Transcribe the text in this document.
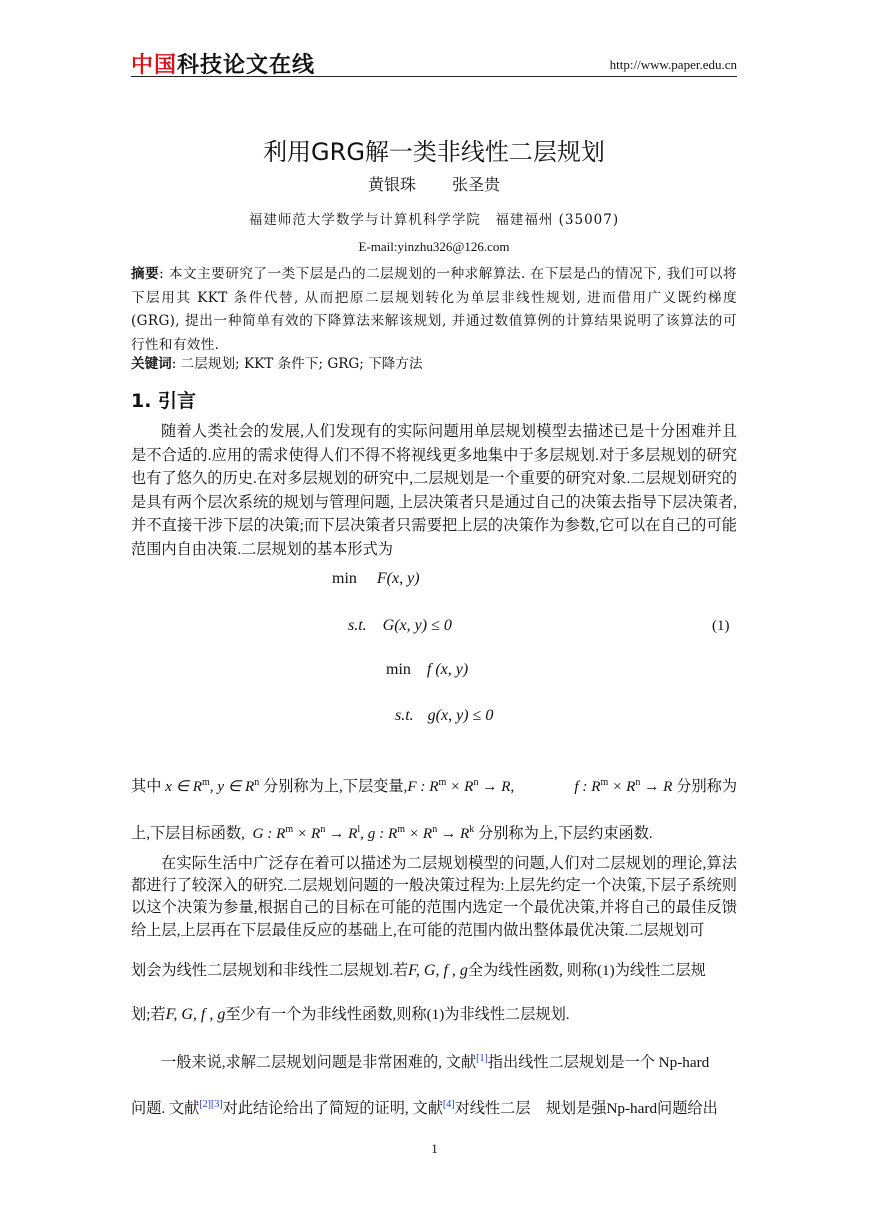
中国科技论文在线	http://www.paper.edu.cn
利用GRG解一类非线性二层规划
黄银珠 张圣贵
福建师范大学数学与计算机科学学院　福建福州 (35007)
E-mail:yinzhu326@126.com
摘要: 本文主要研究了一类下层是凸的二层规划的一种求解算法. 在下层是凸的情况下, 我们可以将下层用其 KKT 条件代替, 从而把原二层规划转化为单层非线性规划, 进而借用广义既约梯度 (GRG), 提出一种简单有效的下降算法来解该规划, 并通过数值算例的计算结果说明了该算法的可行性和有效性.
关键词: 二层规划; KKT 条件下; GRG; 下降方法
1. 引言
随着人类社会的发展,人们发现有的实际问题用单层规划模型去描述已是十分困难并且是不合适的.应用的需求使得人们不得不将视线更多地集中于多层规划.对于多层规划的研究也有了悠久的历史.在对多层规划的研究中,二层规划是一个重要的研究对象.二层规划研究的是具有两个层次系统的规划与管理问题, 上层决策者只是通过自己的决策去指导下层决策者,并不直接干涉下层的决策;而下层决策者只需要把上层的决策作为参数,它可以在自己的可能范围内自由决策.二层规划的基本形式为
min F(x, y)
s.t. G(x, y) ≤ 0	(1)
min f (x, y)
s.t. g(x, y) ≤ 0
其中 x ∈ $R^m$, y ∈ $R^n$ 分别称为上,下层变量,F : $R^m \times R^n \to R$,	f : $R^m \times R^n \to R$ 分别称为
上,下层目标函数, G : $R^m \times R^n \to R^l$, g : $R^m \times R^n \to R^k$ 分别称为上,下层约束函数.
在实际生活中广泛存在着可以描述为二层规划模型的问题,人们对二层规划的理论,算法都进行了较深入的研究.二层规划问题的一般决策过程为:上层先约定一个决策,下层子系统则以这个决策为参量,根据自己的目标在可能的范围内选定一个最优决策,并将自己的最佳反馈给上层,上层再在下层最佳反应的基础上,在可能的范围内做出整体最优决策.二层规划可
划会为线性二层规划和非线性二层规划.若F, G, f , g全为线性函数, 则称(1)为线性二层规
划;若F, G, f , g至少有一个为非线性函数,则称(1)为非线性二层规划.
一般来说,求解二层规划问题是非常困难的, 文献[1]指出线性二层规划是一个 Np-hard
问题. 文献[2][3]对此结论给出了简短的证明, 文献[4]对线性二层　规划是强Np-hard问题给出
1
